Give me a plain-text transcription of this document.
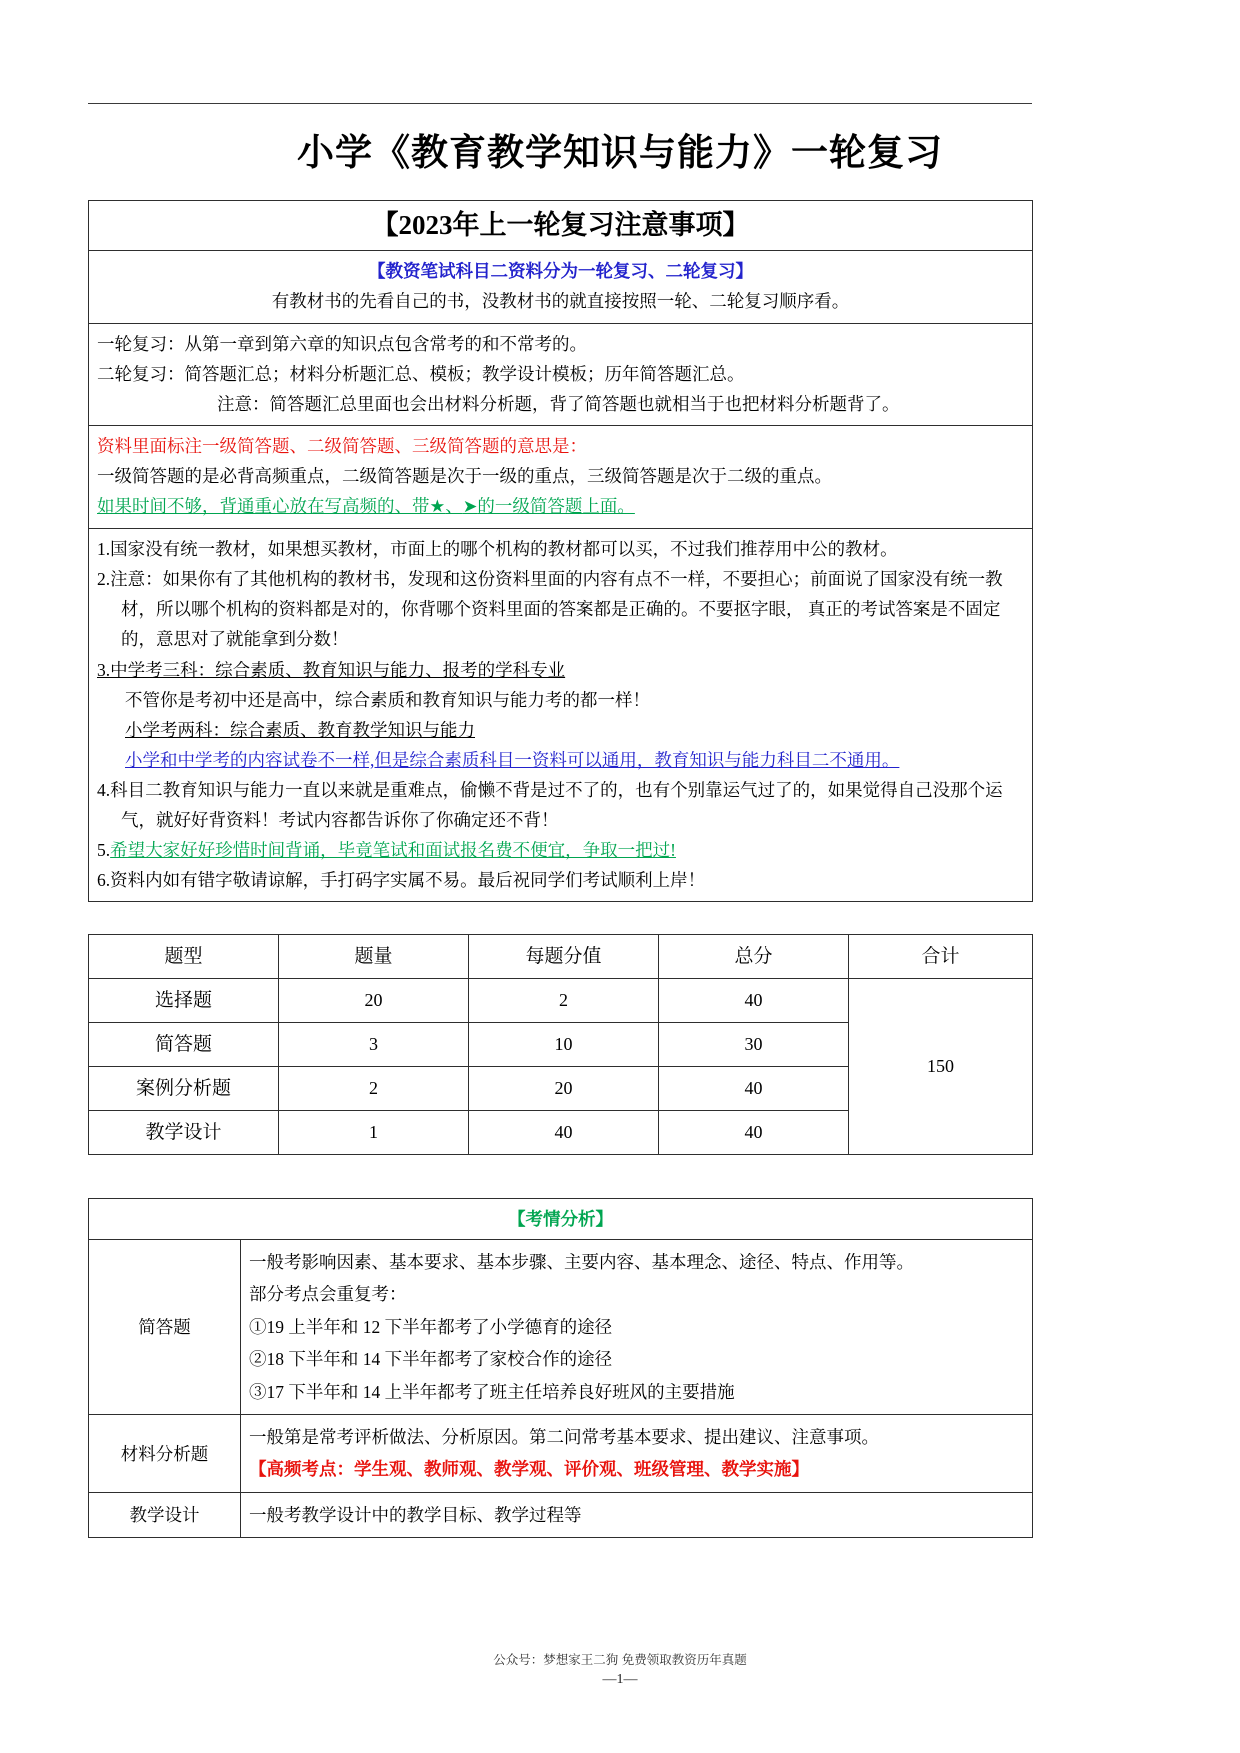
小学《教育教学知识与能力》一轮复习
【2023年上一轮复习注意事项】

【教资笔试科目二资料分为一轮复习、二轮复习】
有教材书的先看自己的书，没教材书的就直接按照一轮、二轮复习顺序看。

一轮复习：从第一章到第六章的知识点包含常考的和不常考的。
二轮复习：简答题汇总；材料分析题汇总、模板；教学设计模板；历年简答题汇总。
注意：简答题汇总里面也会出材料分析题，背了简答题也就相当于也把材料分析题背了。

资料里面标注一级简答题、二级简答题、三级简答题的意思是：
一级简答题的是必背高频重点，二级简答题是次于一级的重点，三级简答题是次于二级的重点。
如果时间不够，背通重心放在写高频的、带★、➤的一级简答题上面。

1.国家没有统一教材，如果想买教材，市面上的哪个机构的教材都可以买，不过我们推荐用中公的教材。
2.注意：如果你有了其他机构的教材书，发现和这份资料里面的内容有点不一样，不要担心；前面说了国家没有统一教材，所以哪个机构的资料都是对的，你背哪个资料里面的答案都是正确的。不要抠字眼， 真正的考试答案是不固定的，意思对了就能拿到分数！
3.中学考三科：综合素质、教育知识与能力、报考的学科专业
不管你是考初中还是高中，综合素质和教育知识与能力考的都一样！
小学考两科：综合素质、教育教学知识与能力
小学和中学考的内容试卷不一样,但是综合素质科目一资料可以通用，教育知识与能力科目二不通用。
4.科目二教育知识与能力一直以来就是重难点，偷懒不背是过不了的，也有个别靠运气过了的，如果觉得自己没那个运气，就好好背资料！考试内容都告诉你了你确定还不背！
5.希望大家好好珍惜时间背诵，毕竟笔试和面试报名费不便宜，争取一把过!
6.资料内如有错字敬请谅解，手打码字实属不易。最后祝同学们考试顺利上岸！
题型	题量	每题分值	总分	合计
选择题	20	2	40	150
简答题	3	10	30	
案例分析题	2	20	40	
教学设计	1	40	40	
【考情分析】	
简答题	一般考影响因素、基本要求、基本步骤、主要内容、基本理念、途径、特点、作用等。
部分考点会重复考：
①19 上半年和 12 下半年都考了小学德育的途径
②18 下半年和 14 下半年都考了家校合作的途径
③17 下半年和 14 上半年都考了班主任培养良好班风的主要措施

材料分析题	一般第是常考评析做法、分析原因。第二问常考基本要求、提出建议、注意事项。
【高频考点：学生观、教师观、教学观、评价观、班级管理、教学实施】

教学设计	一般考教学设计中的教学目标、教学过程等
公众号：梦想家王二狗 免费领取教资历年真题
—1—
